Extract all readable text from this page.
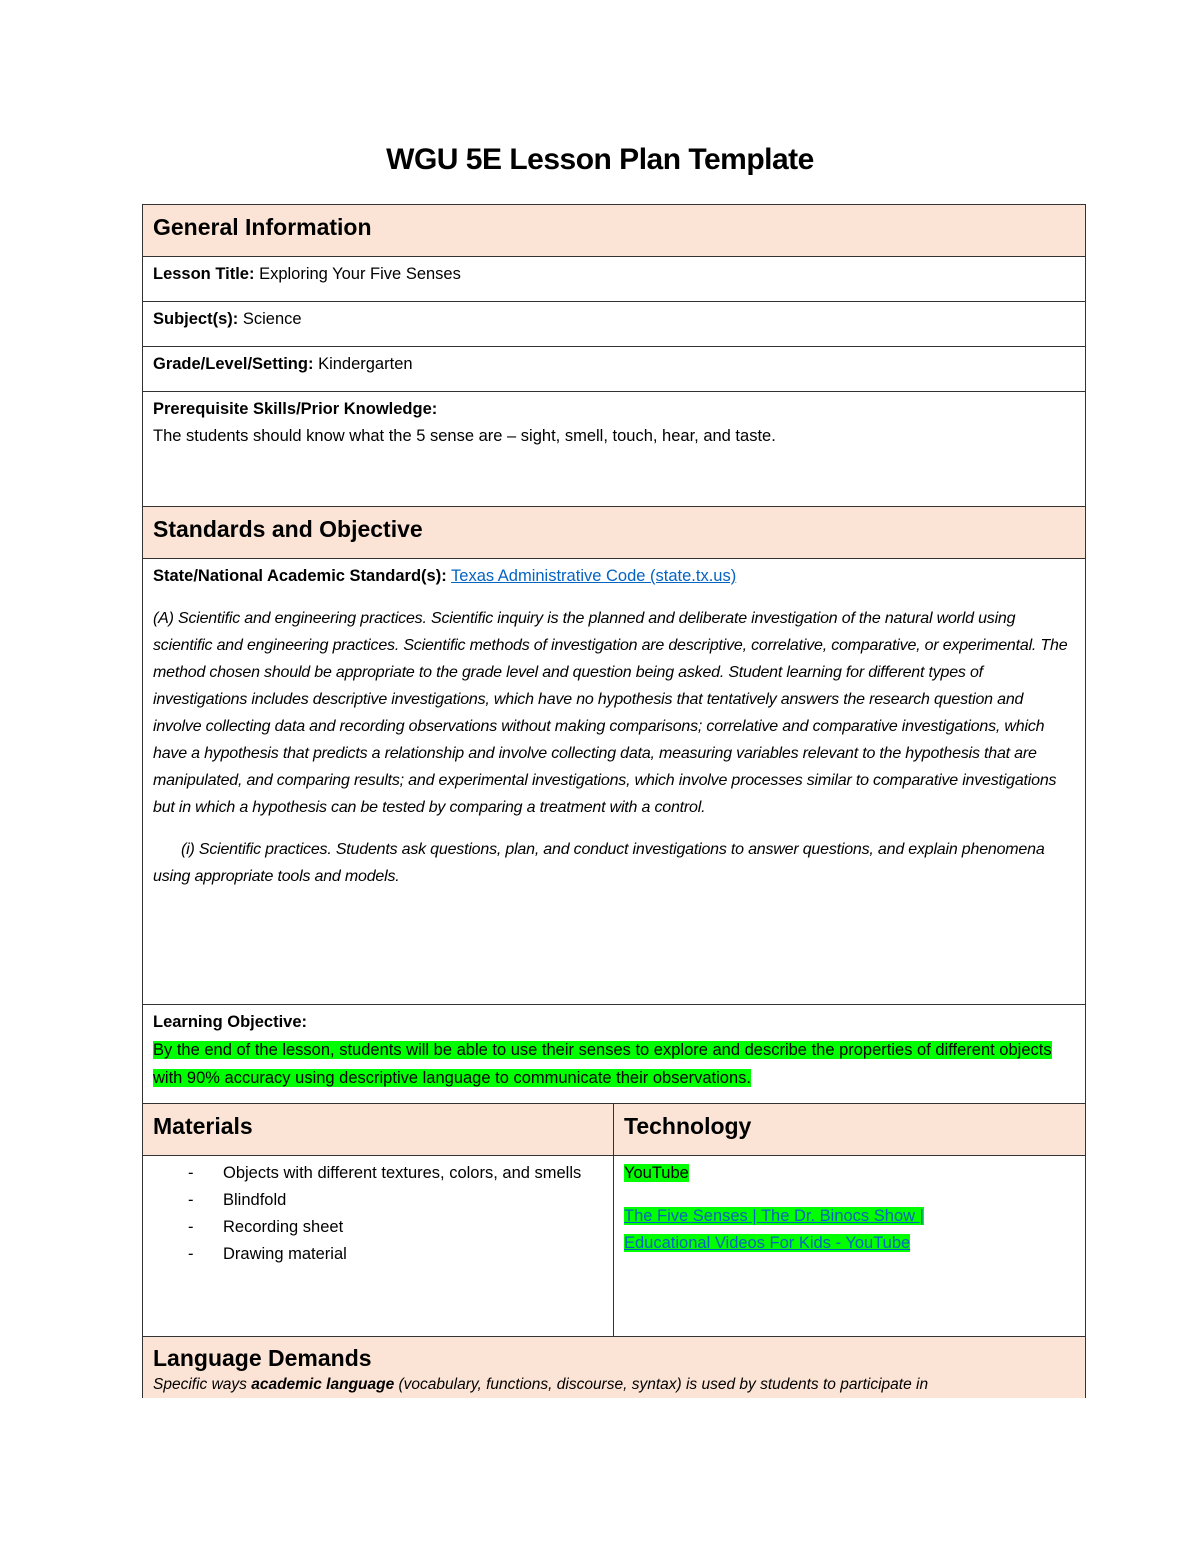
WGU 5E Lesson Plan Template
General Information
Lesson Title: Exploring Your Five Senses
Subject(s): Science
Grade/Level/Setting: Kindergarten
Prerequisite Skills/Prior Knowledge:
The students should know what the 5 sense are – sight, smell, touch, hear, and taste.
Standards and Objective
State/National Academic Standard(s): Texas Administrative Code (state.tx.us)
(A) Scientific and engineering practices. Scientific inquiry is the planned and deliberate investigation of the natural world using scientific and engineering practices. Scientific methods of investigation are descriptive, correlative, comparative, or experimental. The method chosen should be appropriate to the grade level and question being asked. Student learning for different types of investigations includes descriptive investigations, which have no hypothesis that tentatively answers the research question and involve collecting data and recording observations without making comparisons; correlative and comparative investigations, which have a hypothesis that predicts a relationship and involve collecting data, measuring variables relevant to the hypothesis that are manipulated, and comparing results; and experimental investigations, which involve processes similar to comparative investigations but in which a hypothesis can be tested by comparing a treatment with a control.
(i) Scientific practices. Students ask questions, plan, and conduct investigations to answer questions, and explain phenomena using appropriate tools and models.
Learning Objective:
By the end of the lesson, students will be able to use their senses to explore and describe the properties of different objects with 90% accuracy using descriptive language to communicate their observations.
Materials	Technology
- Objects with different textures, colors, and smells
- Blindfold
- Recording sheet
- Drawing material
YouTube
The Five Senses | The Dr. Binocs Show | Educational Videos For Kids - YouTube
Language Demands
Specific ways academic language (vocabulary, functions, discourse, syntax) is used by students to participate in
